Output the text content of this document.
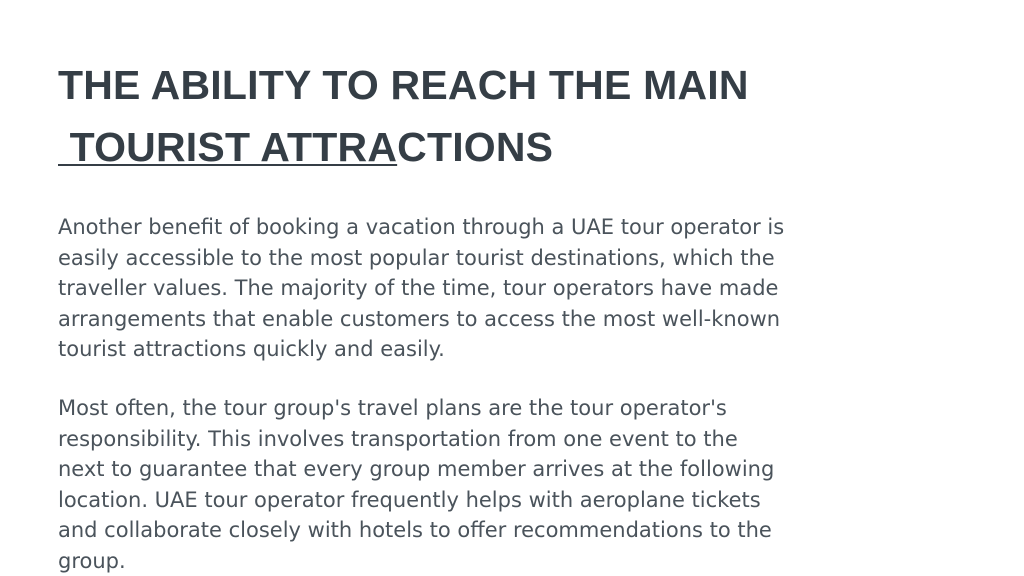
THE ABILITY TO REACH THE MAIN
TOURIST ATTRACTIONS

Another benefit of booking a vacation through a UAE tour operator is
easily accessible to the most popular tourist destinations, which the
traveller values. The majority of the time, tour operators have made
arrangements that enable customers to access the most well-known
tourist attractions quickly and easily.

Most often, the tour group's travel plans are the tour operator's
responsibility. This involves transportation from one event to the
next to guarantee that every group member arrives at the following
location. UAE tour operator frequently helps with aeroplane tickets
and collaborate closely with hotels to offer recommendations to the
group.
